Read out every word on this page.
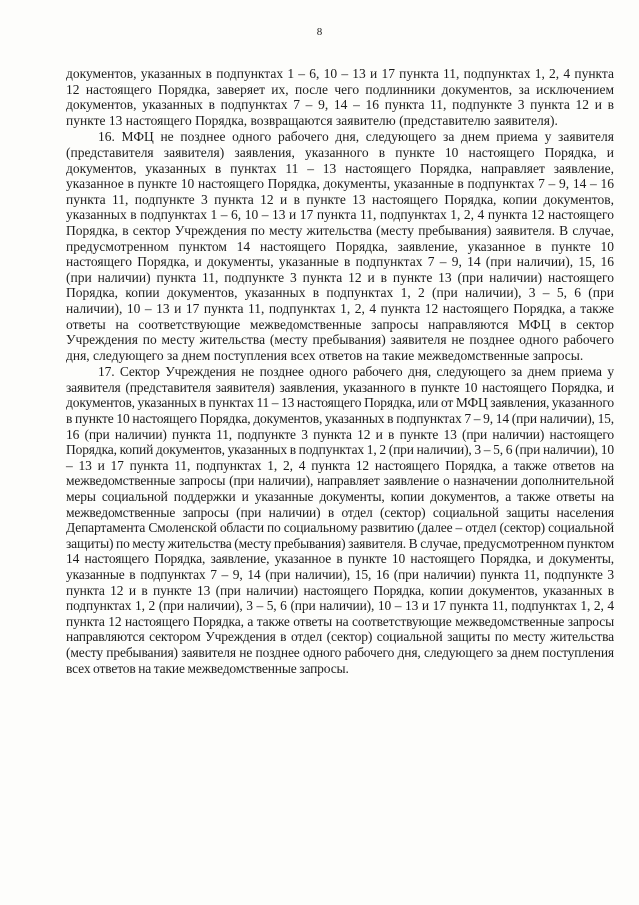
8

документов, указанных в подпунктах 1 – 6, 10 – 13 и 17 пункта 11, подпунктах 1, 2, 4 пункта 12 настоящего Порядка, заверяет их, после чего подлинники документов, за исключением документов, указанных в подпунктах 7 – 9, 14 – 16 пункта 11, подпункте 3 пункта 12 и в пункте 13 настоящего Порядка, возвращаются заявителю (представителю заявителя).

16. МФЦ не позднее одного рабочего дня, следующего за днем приема у заявителя (представителя заявителя) заявления, указанного в пункте 10 настоящего Порядка, и документов, указанных в пунктах 11 – 13 настоящего Порядка, направляет заявление, указанное в пункте 10 настоящего Порядка, документы, указанные в подпунктах 7 – 9, 14 – 16 пункта 11, подпункте 3 пункта 12 и в пункте 13 настоящего Порядка, копии документов, указанных в подпунктах 1 – 6, 10 – 13 и 17 пункта 11, подпунктах 1, 2, 4 пункта 12 настоящего Порядка, в сектор Учреждения по месту жительства (месту пребывания) заявителя. В случае, предусмотренном пунктом 14 настоящего Порядка, заявление, указанное в пункте 10 настоящего Порядка, и документы, указанные в подпунктах 7 – 9, 14 (при наличии), 15, 16 (при наличии) пункта 11, подпункте 3 пункта 12 и в пункте 13 (при наличии) настоящего Порядка, копии документов, указанных в подпунктах 1, 2 (при наличии), 3 – 5, 6 (при наличии), 10 – 13 и 17 пункта 11, подпунктах 1, 2, 4 пункта 12 настоящего Порядка, а также ответы на соответствующие межведомственные запросы направляются МФЦ в сектор Учреждения по месту жительства (месту пребывания) заявителя не позднее одного рабочего дня, следующего за днем поступления всех ответов на такие межведомственные запросы.

17. Сектор Учреждения не позднее одного рабочего дня, следующего за днем приема у заявителя (представителя заявителя) заявления, указанного в пункте 10 настоящего Порядка, и документов, указанных в пунктах 11 – 13 настоящего Порядка, или от МФЦ заявления, указанного в пункте 10 настоящего Порядка, документов, указанных в подпунктах 7 – 9, 14 (при наличии), 15, 16 (при наличии) пункта 11, подпункте 3 пункта 12 и в пункте 13 (при наличии) настоящего Порядка, копий документов, указанных в подпунктах 1, 2 (при наличии), 3 – 5, 6 (при наличии), 10 – 13 и 17 пункта 11, подпунктах 1, 2, 4 пункта 12 настоящего Порядка, а также ответов на межведомственные запросы (при наличии), направляет заявление о назначении дополнительной меры социальной поддержки и указанные документы, копии документов, а также ответы на межведомственные запросы (при наличии) в отдел (сектор) социальной защиты населения Департамента Смоленской области по социальному развитию (далее – отдел (сектор) социальной защиты) по месту жительства (месту пребывания) заявителя. В случае, предусмотренном пунктом 14 настоящего Порядка, заявление, указанное в пункте 10 настоящего Порядка, и документы, указанные в подпунктах 7 – 9, 14 (при наличии), 15, 16 (при наличии) пункта 11, подпункте 3 пункта 12 и в пункте 13 (при наличии) настоящего Порядка, копии документов, указанных в подпунктах 1, 2 (при наличии), 3 – 5, 6 (при наличии), 10 – 13 и 17 пункта 11, подпунктах 1, 2, 4 пункта 12 настоящего Порядка, а также ответы на соответствующие межведомственные запросы направляются сектором Учреждения в отдел (сектор) социальной защиты по месту жительства (месту пребывания) заявителя не позднее одного рабочего дня, следующего за днем поступления всех ответов на такие межведомственные запросы.
